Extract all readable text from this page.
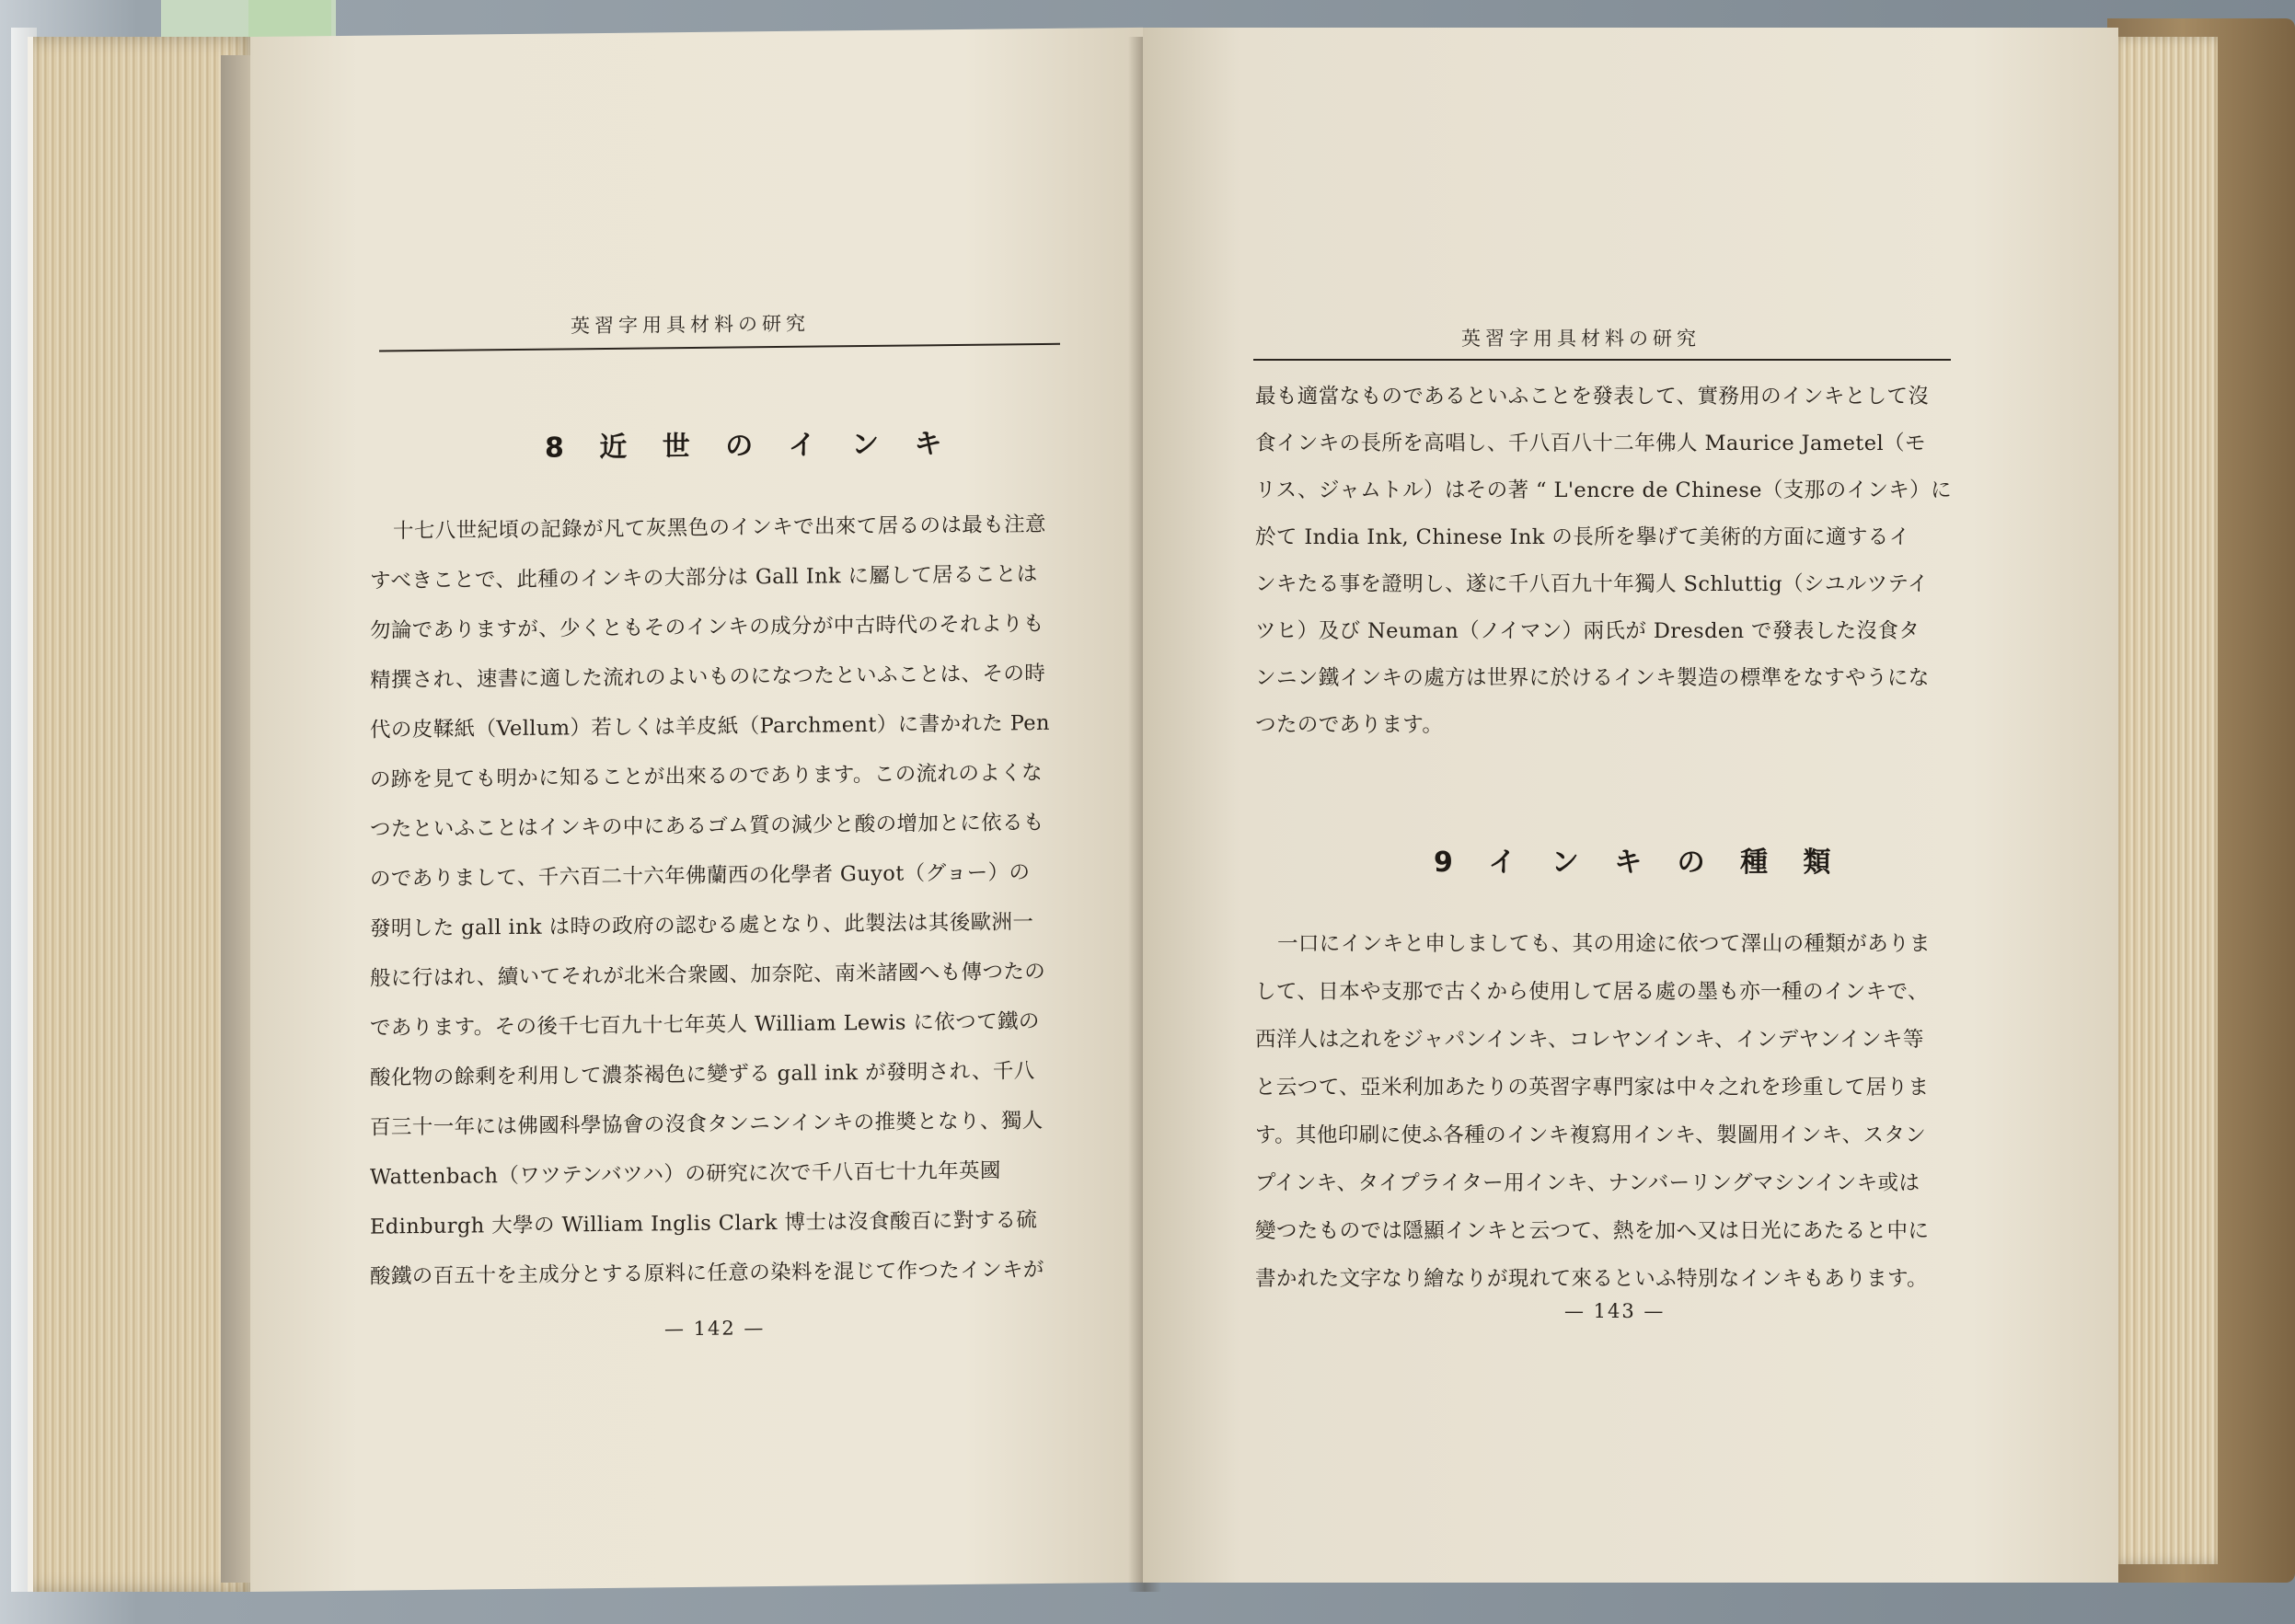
英習字用具材料の研究
8 近 世 の イ ン キ
十七八世紀頃の記錄が凡て灰黑色のインキで出來て居るのは最も注意
すべきことで、此種のインキの大部分は Gall Ink に屬して居ることは
勿論でありますが、少くともそのインキの成分が中古時代のそれよりも
精撰され、速書に適した流れのよいものになつたといふことは、その時
代の皮鞣紙（Vellum）若しくは羊皮紙（Parchment）に書かれた Pen
の跡を見ても明かに知ることが出來るのであります。この流れのよくな
つたといふことはインキの中にあるゴム質の減少と酸の增加とに依るも
のでありまして、千六百二十六年佛蘭西の化學者 Guyot（グョー）の
發明した gall ink は時の政府の認むる處となり、此製法は其後歐洲一
般に行はれ、續いてそれが北米合衆國、加奈陀、南米諸國へも傳つたの
であります。その後千七百九十七年英人 William Lewis に依つて鐵の
酸化物の餘剩を利用して濃茶褐色に變ずる gall ink が發明され、千八
百三十一年には佛國科學協會の沒食タンニンインキの推奬となり、獨人
Wattenbach（ワツテンバツハ）の研究に次で千八百七十九年英國
Edinburgh 大學の William Inglis Clark 博士は沒食酸百に對する硫
酸鐵の百五十を主成分とする原料に任意の染料を混じて作つたインキが
— 142 —
英習字用具材料の研究
最も適當なものであるといふことを發表して、實務用のインキとして沒
食インキの長所を高唱し、千八百八十二年佛人 Maurice Jametel（モ
リス、ジャムトル）はその著 “ L'encre de Chinese（支那のインキ）に
於て India Ink, Chinese Ink の長所を擧げて美術的方面に適するイ
ンキたる事を證明し、遂に千八百九十年獨人 Schluttig（シユルツテイ
ツヒ）及び Neuman（ノイマン）兩氏が Dresden で發表した沒食タ
ンニン鐵インキの處方は世界に於けるインキ製造の標準をなすやうにな
つたのであります。
9 イ ン キ の 種 類
一口にインキと申しましても、其の用途に依つて澤山の種類がありま
して、日本や支那で古くから使用して居る處の墨も亦一種のインキで、
西洋人は之れをジャパンインキ、コレヤンインキ、インデヤンインキ等
と云つて、亞米利加あたりの英習字專門家は中々之れを珍重して居りま
す。其他印刷に使ふ各種のインキ複寫用インキ、製圖用インキ、スタン
プインキ、タイプライター用インキ、ナンバーリングマシンインキ或は
變つたものでは隱顯インキと云つて、熱を加へ又は日光にあたると中に
書かれた文字なり繪なりが現れて來るといふ特別なインキもあります。
— 143 —
